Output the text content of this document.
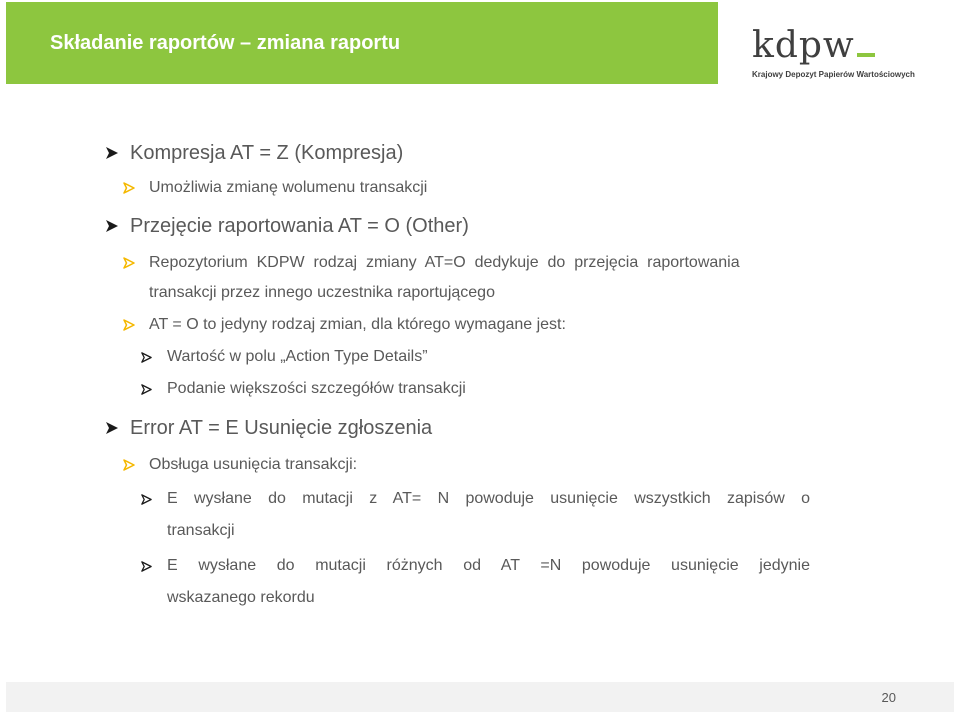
Składanie raportów – zmiana raportu	kdpw
Krajowy Depozyt Papierów Wartościowych
Kompresja AT = Z (Kompresja)
Umożliwia zmianę wolumenu transakcji
Przejęcie raportowania AT = O (Other)
Repozytorium  KDPW  rodzaj  zmiany  AT=O  dedykuje  do  przejęcia  raportowania
transakcji przez innego uczestnika raportującego
AT = O to jedyny rodzaj zmian, dla którego wymagane jest:
Wartość w polu „Action Type Details”
Podanie większości szczegółów transakcji
Error AT = E Usunięcie zgłoszenia
Obsługa usunięcia transakcji:
E wysłane do mutacji z AT= N powoduje usunięcie wszystkich zapisów o
transakcji
E wysłane do mutacji różnych od AT =N powoduje usunięcie jedynie
wskazanego rekordu
20
